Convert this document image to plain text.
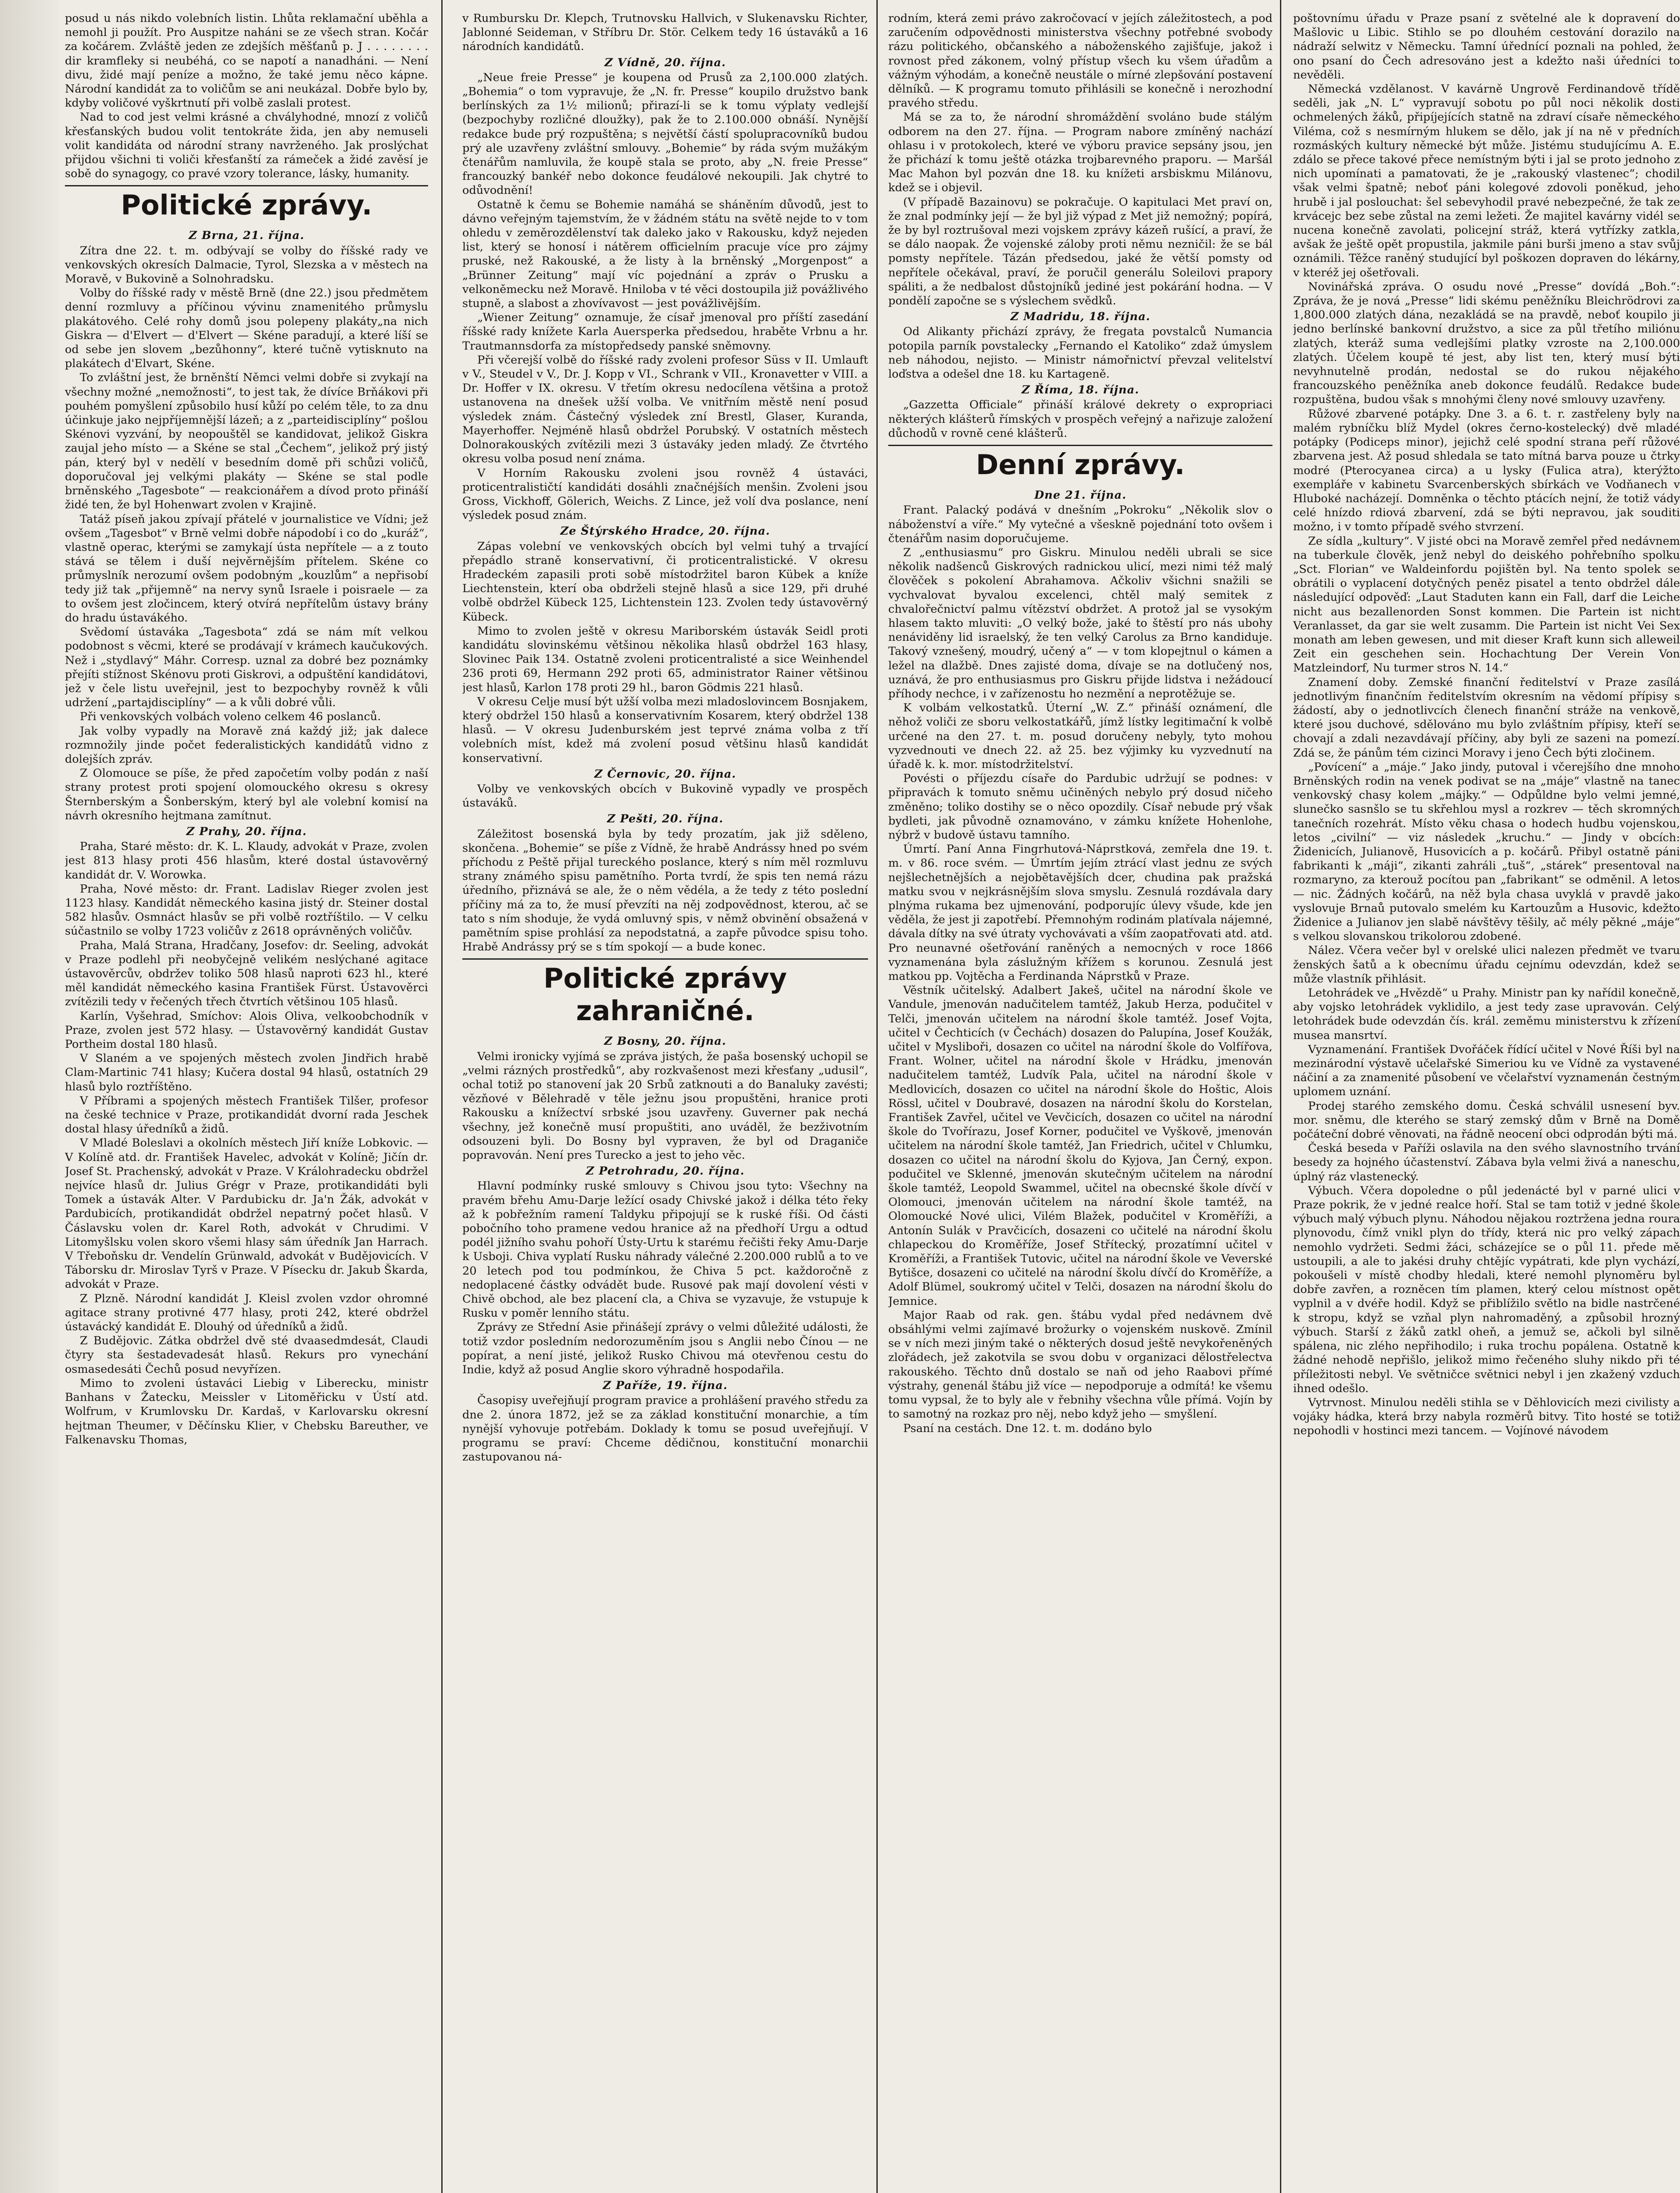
posud u nás nikdo volebních listin. Lhůta reklamační uběhla a nemohl ji použít. Pro Auspitze naháni se ze všech stran. Kočár za kočárem. Zvláště jeden ze zdejších měšťanů p. J . . . . . . . . dir kramfleky si neubéhá, co se napotí a nanadháni. — Není divu, židé mají peníze a možno, že také jemu něco kápne. Národní kandidát za to voličům se ani neukázal. Dobře bylo by, kdyby voličové vyškrtnutí při volbě zaslali protest.

Nad to cod jest velmi krásné a chvályhodné, mnozí z voličů křesťanských budou volit tentokráte žida, jen aby nemuseli volit kandidáta od národní strany navrženého. Jak proslýchat přijdou všichni ti voliči křesťanští za rámeček a židé zavěsí je sobě do synagogy, co pravé vzory tolerance, lásky, humanity.

Politické zprávy.
Z Brna, 21. října.

Zítra dne 22. t. m. odbývají se volby do říšské rady ve venkovských okresích Dalmacie, Tyrol, Slezska a v městech na Moravě, v Bukovině a Solnohradsku.

Volby do říšské rady v městě Brně (dne 22.) jsou předmětem denní rozmluvy a příčinou vývinu znamenitého průmyslu plakátového. Celé rohy domů jsou polepeny plakáty„na nich Giskra — d'Elvert — d'Elvert — Skéne paradují, a které líší se od sebe jen slovem „bezůhonny“, které tučně vytisknuto na plakátech d'Elvart, Skéne.

To zvláštní jest, že brněnští Němci velmi dobře si zvykají na všechny možné „nemožnosti“, to jest tak, že dívíce Brňákovi při pouhém pomyšlení způsobilo husí kůží po celém těle, to za dnu účinkuje jako nejpříjemnější lázeň; a z „parteidisciplíny“ pošlou Skénovi vyzvání, by neopouštěl se kandidovat, jelikož Giskra zaujal jeho místo — a Skéne se stal „Čechem“, jelikož prý jistý pán, který byl v nedělí v besedním domě při schůzi voličů, doporučoval jej velkými plakáty — Skéne se stal podle brněnského „Tagesbote“ — reakcionářem a dívod proto přináší židé ten, že byl Hohenwart zvolen v Krajině.

Tatáž píseň jakou zpívají přátelé v journalistice ve Vídni; jež ovšem „Tagesbot“ v Brně velmi dobře nápodobí i co do „kuráž“, vlastně operac, kterými se zamykají ústa nepřítele — a z touto stává se tělem i duší nejvěrnějším přítelem. Skéne co průmyslník nerozumí ovšem podobným „kouzlům“ a nepřisobí tedy již tak „přijemně“ na nervy synů Israele i poisraele — za to ovšem jest zločincem, který otvírá nepřítelům ústavy brány do hradu ústavákého.

Svědomí ústaváka „Tagesbota“ zdá se nám mít velkou podobnost s věcmi, které se prodávají v krámech kaučukových. Než i „stydlavý“ Máhr. Corresp. uznal za dobré bez poznámky přejíti stížnost Skénovu proti Giskrovi, a odpuštění kandidátovi, jež v čele listu uveřejnil, jest to bezpochyby rovněž k vůli udržení „partajdisciplíny“ — a k vůli dobré vůli.

Při venkovských volbách voleno celkem 46 poslanců.

Jak volby vypadly na Moravě zná každý již; jak dalece rozmnožily jinde počet federalistických kandidátů vidno z dolejších zpráv.

Z Olomouce se píše, že před započetím volby podán z naší strany protest proti spojení olomouckého okresu s okresy Šternberským a Šonberským, který byl ale volební komisí na návrh okresního hejtmana zamítnut.

Z Prahy, 20. října.

Praha, Staré město: dr. K. L. Klaudy, advokát v Praze, zvolen jest 813 hlasy proti 456 hlasům, které dostal ústavověrný kandidát dr. V. Worowka.

Praha, Nové město: dr. Frant. Ladislav Rieger zvolen jest 1123 hlasy. Kandidát německého kasina jistý dr. Steiner dostal 582 hlasův. Osmnáct hlasův se při volbě roztříštilo. — V celku súčastnilo se volby 1723 voličův z 2618 oprávněných voličův.

Praha, Malá Strana, Hradčany, Josefov: dr. Seeling, advokát v Praze podlehl při neobyčejně velikém neslýchané agitace ústavověrcův, obdržev toliko 508 hlasů naproti 623 hl., které měl kandidát německého kasina František Fürst. Ústavověrci zvítězili tedy v řečených třech čtvrtích většinou 105 hlasů.

Karlín, Vyšehrad, Smíchov: Alois Oliva, velkoobchodník v Praze, zvolen jest 572 hlasy. — Ústavověrný kandidát Gustav Portheim dostal 180 hlasů.

V Slaném a ve spojených městech zvolen Jindřich hrabě Clam-Martinic 741 hlasy; Kučera dostal 94 hlasů, ostatních 29 hlasů bylo roztříštěno.

V Příbrami a spojených městech František Tilšer, profesor na české technice v Praze, protikandidát dvorní rada Jeschek dostal hlasy úředníků a židů.

V Mladé Boleslavi a okolních městech Jiří kníže Lobkovic. — V Kolíně atd. dr. František Havelec, advokát v Kolíně; Jičín dr. Josef St. Prachenský, advokát v Praze. V Králohradecku obdržel nejvíce hlasů dr. Julius Grégr v Praze, protikandidáti byli Tomek a ústavák Alter. V Pardubicku dr. Ja'n Žák, advokát v Pardubicích, protikandidát obdržel nepatrný počet hlasů. V Čáslavsku volen dr. Karel Roth, advokát v Chrudimi. V Litomyšlsku volen skoro všemi hlasy sám úředník Jan Harrach. V Třeboňsku dr. Vendelín Grünwald, advokát v Budějovicích. V Táborsku dr. Miroslav Tyrš v Praze. V Písecku dr. Jakub Škarda, advokát v Praze.

Z Plzně. Národní kandidát J. Kleisl zvolen vzdor ohromné agitace strany protivné 477 hlasy, proti 242, které obdržel ústavácký kandidát E. Dlouhý od úředníků a židů.

Z Budějovic. Zátka obdržel dvě sté dvaasedmdesát, Claudi čtyry sta šestadevadesát hlasů. Rekurs pro vynechání osmasedesáti Čechů posud nevyřízen.

Mimo to zvoleni ústaváci Liebig v Liberecku, ministr Banhans v Žatecku, Meissler v Litoměřicku v Ústí atd. Wolfrum, v Krumlovsku Dr. Kardaš, v Karlovarsku okresní hejtman Theumer, v Děčínsku Klier, v Chebsku Bareuther, ve Falkenavsku Thomas,

v Rumbursku Dr. Klepch, Trutnovsku Hallvich, v Slukenavsku Richter, Jablonné Seideman, v Stříbru Dr. Stör. Celkem tedy 16 ústaváků a 16 národních kandidátů.

Z Vídně, 20. října.

„Neue freie Presse“ je koupena od Prusů za 2,100.000 zlatých. „Bohemia“ o tom vypravuje, že „N. fr. Presse“ koupilo družstvo bank berlínských za 1½ milionů; přirazí-li se k tomu výplaty vedlejší (bezpochyby rozličné dloužky), pak že to 2.100.000 obnáší. Nynější redakce bude prý rozpuštěna; s největší částí spolupracovníků budou prý ale uzavřeny zvláštní smlouvy. „Bohemie“ by ráda svým mužákým čtenářům namluvila, že koupě stala se proto, aby „N. freie Presse“ francouzký bankéř nebo dokonce feudálové nekoupili. Jak chytré to odůvodnění!

Ostatně k čemu se Bohemie namáhá se sháněním důvodů, jest to dávno veřejným tajemstvím, že v žádném státu na světě nejde to v tom ohledu v zeměrozdělenství tak daleko jako v Rakousku, když nejeden list, který se honosí i nátěrem officielním pracuje více pro zájmy pruské, než Rakouské, a že listy à la brněnský „Morgenpost“ a „Brünner Zeitung“ mají víc pojednání a zpráv o Prusku a velkoněmecku než Moravě. Hniloba v té věci dostoupila již povážlivého stupně, a slabost a zhovívavost — jest povážlivějším.

„Wiener Zeitung“ oznamuje, že císař jmenoval pro příští zasedání říšské rady knížete Karla Auersperka předsedou, hraběte Vrbnu a hr. Trautmannsdorfa za místopředsedy panské sněmovny.

Při včerejší volbě do říšské rady zvoleni profesor Süss v II. Umlauft v V., Steudel v V., Dr. J. Kopp v VI., Schrank v VII., Kronavetter v VIII. a Dr. Hoffer v IX. okresu. V třetím okresu nedocílena většina a protož ustanovena na dnešek užší volba. Ve vnitřním městě není posud výsledek znám. Částečný výsledek zní Brestl, Glaser, Kuranda, Mayerhoffer. Nejméně hlasů obdržel Porubský. V ostatních městech Dolnorakouských zvítězili mezi 3 ústaváky jeden mladý. Ze čtvrtého okresu volba posud není známa.

V Horním Rakousku zvoleni jsou rovněž 4 ústaváci, proticentralističtí kandidáti dosáhli značnéjších menšin. Zvoleni jsou Gross, Vickhoff, Gölerich, Weichs. Z Lince, jež volí dva poslance, není výsledek posud znám.

Ze Štýrského Hradce, 20. října.

Zápas volební ve venkovských obcích byl velmi tuhý a trvající přepádlo straně konservativní, či proticentralistické. V okresu Hradeckém zapasili proti sobě místodržitel baron Kübek a kníže Liechtenstein, kterí oba obdrželi stejně hlasů a sice 129, při druhé volbě obdržel Kübeck 125, Lichtenstein 123. Zvolen tedy ústavověrný Kübeck.

Mimo to zvolen ještě v okresu Mariborském ústavák Seidl proti kandidátu slovinskému většinou několika hlasů obdržel 163 hlasy, Slovinec Paik 134. Ostatně zvoleni proticentralisté a sice Weinhendel 236 proti 69, Hermann 292 proti 65, administrator Rainer většinou jest hlasů, Karlon 178 proti 29 hl., baron Gödmis 221 hlasů.

V okresu Celje musí být užší volba mezi mladoslovincem Bosnjakem, který obdržel 150 hlasů a konservativním Kosarem, který obdržel 138 hlasů. — V okresu Judenburském jest teprvé známa volba z tří volebních míst, kdež má zvolení posud většinu hlasů kandidát konservativní.

Z Černovic, 20. října.

Volby ve venkovských obcích v Bukovině vypadly ve prospěch ústaváků.

Z Pešti, 20. října.

Záležitost bosenská byla by tedy prozatím, jak již sděleno, skončena. „Bohemie“ se píše z Vídně, že hrabě Andrássy hned po svém příchodu z Peště přijal tureckého poslance, který s ním měl rozmluvu strany známého spisu pamětního. Porta tvrdí, že spis ten nemá rázu úředního, přiznává se ale, že o něm vědéla, a že tedy z této poslední příčiny má za to, že musí převzíti na něj zodpovědnost, kterou, ač se tato s ním shoduje, že vydá omluvný spis, v němž obvinění obsažená v pamětním spise prohlásí za nepodstatná, a zapře původce spisu toho. Hrabě Andrássy prý se s tím spokojí — a bude konec.

Politické zprávy zahraničné.
Z Bosny, 20. října.

Velmi ironicky vyjímá se zpráva jistých, že paša bosenský uchopil se „velmi rázných prostředků“, aby rozkvašenost mezi křesťany „udusil“, ochal totiž po stanovení jak 20 Srbů zatknouti a do Banaluky zavésti; vězňové v Bělehradě v těle ježnu jsou propuštěni, hranice proti Rakousku a knížectví srbské jsou uzavřeny. Guverner pak nechá všechny, jež konečně musí propuštiti, ano uváděl, že bezživotním odsouzeni byli. Do Bosny byl vypraven, že byl od Draganiče popravován. Není pres Turecko a jest to jeho věc.

Z Petrohradu, 20. října.

Hlavní podmínky ruské smlouvy s Chivou jsou tyto: Všechny na pravém břehu Amu-Darje ležící osady Chivské jakož i délka této řeky až k pobřežním ramení Taldyku připojují se k ruské říši. Od části pobočního toho pramene vedou hranice až na předhoří Urgu a odtud podél jižního svahu pohoří Ústy-Urtu k starému řečišti řeky Amu-Darje k Usboji. Chiva vyplatí Rusku náhrady válečné 2.200.000 rublů a to ve 20 letech pod tou podmínkou, že Chiva 5 pct. každoročně z nedoplacené částky odvádět bude. Rusové pak mají dovolení vésti v Chivě obchod, ale bez placení cla, a Chiva se vyzavuje, že vstupuje k Rusku v poměr lenního státu.

Zprávy ze Střední Asie přinášejí zprávy o velmi důležité události, že totiž vzdor posledním nedorozuměním jsou s Anglii nebo Čínou — ne popírat, a není jisté, jelikož Rusko Chivou má otevřenou cestu do Indie, když až posud Anglie skoro výhradně hospodařila.

Z Paříže, 19. října.

Časopisy uveřejňují program pravice a prohlášení pravého středu za dne 2. února 1872, jež se za základ konstituční monarchie, a tím nynější vyhovuje potřebám. Doklady k tomu se posud uveřejňují. V programu se praví: Chceme dědičnou, konstituční monarchii zastupovanou ná-

rodním, která zemi právo zakročovací v jejích záležitostech, a pod zaručením odpovědnosti ministerstva všechny potřebné svobody rázu politického, občanského a náboženského zajišťuje, jakož i rovnost před zákonem, volný přístup všech ku všem úřadům a vážným výhodám, a konečně neustále o mírné zlepšování postavení dělníků. — K programu tomuto přihlásili se konečně i nerozhodní pravého středu.

Má se za to, že národní shromáždění svoláno bude stálým odborem na den 27. října. — Program nabore zmíněný nachází ohlasu i v protokolech, které ve výboru pravice sepsány jsou, jen že přichází k tomu ještě otázka trojbarevného praporu. — Maršál Mac Mahon byl pozván dne 18. ku knížeti arsbiskmu Milánovu, kdež se i objevil.

(V případě Bazainovu) se pokračuje. O kapitulaci Met praví on, že znal podmínky její — že byl již výpad z Met již nemožný; popírá, že by byl roztrušoval mezi vojskem zprávy kázeň rušící, a praví, že se dálo naopak. Že vojenské záloby proti němu nezničil: že se bál pomsty nepřítele. Tázán předsedou, jaké že větší pomsty od nepřítele očekával, praví, že poručil generálu Soleilovi prapory spáliti, a že nedbalost důstojníků jediné jest pokárání hodna. — V pondělí započne se s výslechem svědků.

Z Madridu, 18. října.

Od Alikanty přichází zprávy, že fregata povstalců Numancia potopila parník povstalecky „Fernando el Katoliko“ zdaž úmyslem neb náhodou, nejisto. — Ministr námořnictví převzal velitelství loďstva a odešel dne 18. ku Kartageně.

Z Říma, 18. října.

„Gazzetta Officiale“ přináší králové dekrety o expropriaci některých klášterů římských v prospěch veřejný a nařizuje založení důchodů v rovně cené klášterů.

Denní zprávy.
Dne 21. října.

Frant. Palacký podává v dnešním „Pokroku“ „Několik slov o náboženství a víře.“ My vytečné a všeskně pojednání toto ovšem i čtenářům nasim doporučujeme.

Z „enthusiasmu“ pro Giskru. Minulou neděli ubrali se sice několik nadšenců Giskrových radnickou ulicí, mezi nimi též malý člověček s pokolení Abrahamova. Ačkoliv všichni snažili se vychvalovat byvalou excelenci, chtěl malý semitek z chvalořečnictví palmu vítězství obdržet. A protož jal se vysokým hlasem takto mluviti: „O velký bože, jaké to štěstí pro nás ubohy nenáviděny lid israelský, že ten velký Carolus za Brno kandiduje. Takový vznešený, moudrý, učený a“ — v tom klopejtnul o kámen a ležel na dlažbě. Dnes zajisté doma, dívaje se na dotlučený nos, uznává, že pro enthusiasmus pro Giskru přijde lidstva i nežádoucí příhody nechce, i v zařízenostu ho nezmění a neprotěžuje se.

K volbám velkostatků. Úterní „W. Z.“ přináší oznámení, dle něhož voliči ze sboru velkostatkářů, jímž lístky legitimační k volbě určené na den 27. t. m. posud doručeny nebyly, tyto mohou vyzvednouti ve dnech 22. až 25. bez výjimky ku vyzvednutí na úřadě k. k. mor. místodržitelství.

Povésti o příjezdu císaře do Pardubic udržují se podnes: v připravách k tomuto sněmu učiněných nebylo prý dosud ničeho změněno; toliko dostihy se o něco opozdily. Císař nebude prý však bydleti, jak původně oznamováno, v zámku knížete Hohenlohe, nýbrž v budově ústavu tamního.

Úmrtí. Paní Anna Fingrhutová-Náprstková, zemřela dne 19. t. m. v 86. roce svém. — Úmrtím jejím ztrácí vlast jednu ze svých nejšlechetnějších a nejobětavějších dcer, chudina pak pražská matku svou v nejkrásnějším slova smyslu. Zesnulá rozdávala dary plnýma rukama bez ujmenování, podporujíc úlevy všude, kde jen věděla, že jest ji zapotřebí. Přemnohým rodinám platívala nájemné, dávala dítky na své útraty vychovávati a vším zaopatřovati atd. atd. Pro neunavné ošetřování raněných a nemocných v roce 1866 vyznamenána byla záslužným křížem s korunou. Zesnulá jest matkou pp. Vojtěcha a Ferdinanda Náprstků v Praze.

Věstník učitelský. Adalbert Jakeš, učitel na národní škole ve Vandule, jmenován nadučitelem tamtéž, Jakub Herza, podučitel v Telči, jmenován učitelem na národní škole tamtéž. Josef Vojta, učitel v Čechticích (v Čechách) dosazen do Palupína, Josef Koužák, učitel v Mysliboři, dosazen co učitel na národní škole do Volfířova, Frant. Wolner, učitel na národní škole v Hrádku, jmenován nadučitelem tamtéž, Ludvík Pala, učitel na národní škole v Medlovicích, dosazen co učitel na národní škole do Hoštic, Alois Rössl, učitel v Doubravé, dosazen na národní školu do Korstelan, František Zavřel, učitel ve Vevčicích, dosazen co učitel na národní škole do Tvořírazu, Josef Korner, podučitel ve Vyškově, jmenován učitelem na národní škole tamtéž, Jan Friedrich, učitel v Chlumku, dosazen co učitel na národní školu do Kyjova, Jan Černý, expon. podučitel ve Sklenné, jmenován skutečným učitelem na národní škole tamtéž, Leopold Swammel, učitel na obecnské škole dívčí v Olomouci, jmenován učitelem na národní škole tamtéž, na Olomoucké Nové ulici, Vilém Blažek, podučitel v Kroměříži, a Antonín Sulák v Pravčicích, dosazeni co učitelé na národní školu chlapeckou do Kroměříže, Josef Střítecký, prozatímní učitel v Kroměříži, a František Tutovic, učitel na národní škole ve Veverské Bytišce, dosazeni co učitelé na národní školu dívčí do Kroměříže, a Adolf Blümel, soukromý učitel v Telči, dosazen na národní školu do Jemnice.

Major Raab od rak. gen. štábu vydal před nedávnem dvě obsáhlými velmi zajímavé brožurky o vojenském nuskově. Zmínil se v ních mezi jiným také o některých dosud ještě nevykořeněných zlořádech, jež zakotvila se svou dobu v organizaci dělostřelectva rakouského. Těchto dnů dostalo se naň od jeho Raabovi přímé výstrahy, genenál štábu již více — nepodporuje a odmítá! ke všemu tomu vypsal, že to byly ale v řebnihy všechna vůle přímá. Vojín by to samotný na rozkaz pro něj, nebo když jeho — smyšlení.

Psaní na cestách. Dne 12. t. m. dodáno bylo

poštovnímu úřadu v Praze psaní z světelné ale k dopravení do Mašlovic u Libic. Stihlo se po dlouhém cestování dorazilo na nádraží selwitz v Německu. Tamní úřednící poznali na pohled, že ono psaní do Čech adresováno jest a kdežto naši úředníci to nevěděli.

Německá vzdělanost. V kavárně Ungrově Ferdinandově třídě seděli, jak „N. L“ vypravují sobotu po půl noci několik dosti ochmelených žáků, připíjejících statně na zdraví císaře německého Viléma, což s nesmírným hlukem se dělo, jak jí na ně v předních rozmáských kultury německé být může. Jistému studujícímu A. E. zdálo se přece takové přece nemístným býti i jal se proto jednoho z nich upomínati a pamatovati, že je „rakouský vlastenec“; chodil však velmi špatně; neboť páni kolegové zdovoli poněkud, jeho hrubě i jal poslouchat: šel sebevyhodil pravé nebezpečné, že tak ze krvácejc bez sebe zůstal na zemi ležeti. Že majitel kavárny vidél se nucena konečně zavolati, policejní stráž, která vytřízky zatkla, avšak že ještě opět propustila, jakmile páni burši jmeno a stav svůj oznámili. Těžce raněný studující byl poškozen dopraven do lékárny, v kteréž jej ošetřovali.

Novinářská zpráva. O osudu nové „Presse“ dovídá „Boh.“: Zpráva, že je nová „Presse“ lidi skému peněžníku Bleichrödrovi za 1,800.000 zlatých dána, nezakládá se na pravdě, neboť koupilo ji jedno berlínské bankovní družstvo, a sice za půl třetího miliónu zlatých, kteráž suma vedlejšími platky vzroste na 2,100.000 zlatých. Účelem koupě té jest, aby list ten, který musí býti nevyhnutelně prodán, nedostal se do rukou nějakého francouzského peněžníka aneb dokonce feudálů. Redakce bude rozpuštěna, budou však s mnohými členy nové smlouvy uzavřeny.

Růžové zbarvené potápky. Dne 3. a 6. t. r. zastřeleny byly na malém rybníčku blíž Mydel (okres černo-kostelecký) dvě mladé potápky (Podiceps minor), jejichž celé spodní strana peří růžové zbarvena jest. Až posud shledala se tato mítná barva pouze u čtrky modré (Pterocyanea circa) a u lysky (Fulica atra), kterýžto exempláře v kabinetu Svarcenberských sbírkách ve Vodňanech v Hluboké nacházejí. Domněnka o těchto ptácích nejní, že totiž vády celé hnízdo rdiová zbarvení, zdá se býti nepravou, jak souditi možno, i v tomto případě svého stvrzení.

Ze sídla „kultury“. V jisté obci na Moravě zemřel před nedávnem na tuberkule člověk, jenž nebyl do deiského pohřebního spolku „Sct. Florian“ ve Waldeinfordu pojištěn byl. Na tento spolek se obrátili o vyplacení dotyčných peněz pisatel a tento obdržel dále následující odpověď: „Laut Staduten kann ein Fall, darf die Leiche nicht aus bezallenorden Sonst kommen. Die Partein ist nicht Veranlasset, da gar sie welt zusamm. Die Partein ist nicht Vei Sex monath am leben gewesen, und mit dieser Kraft kunn sich alleweil Zeit ein geschehen sein. Hochachtung Der Verein Von Matzleindorf, Nu turmer stros N. 14.“

Znamení doby. Zemské finanční ředitelství v Praze zasílá jednotlivým finančním ředitelstvím okresním na vědomí přípisy s žádostí, aby o jednotlivcích členech finanční stráže na venkově, které jsou duchové, sdělováno mu bylo zvláštním přípisy, kteří se chovají a zdali nezavdávají příčiny, aby byli ze sazeni na pomezí. Zdá se, že pánům tém cizinci Moravy i jeno Čech býti zločinem.

„Povícení“ a „máje.“ Jako jindy, putoval i včerejšího dne mnoho Brněnských rodin na venek podivat se na „máje“ vlastně na tanec venkovský chasy kolem „májky.“ — Odpůldne bylo velmi jemné, slunečko sasnšlo se tu skřehlou mysl a rozkrev — těch skromných tanečních rozehrát. Místo věku chasa o hodech hudbu vojenskou, letos „civilní“ — viz následek „kruchu.“ — Jindy v obcích: Židenicích, Julianově, Husovicích a p. kočárů. Přibyl ostatně páni fabrikanti k „máji“, zikanti zahráli „tuš“, „stárek“ presentoval na rozmaryno, za kterouž pocítou pan „fabrikant“ se odměnil. A letos — nic. Žádných kočárů, na něž byla chasa uvyklá v pravdě jako vyslovuje Brnaů putovalo smelém ku Kartouzům a Husovic, kdežto Židenice a Julianov jen slabě návštěvy tĕšily, ač mély pěkné „máje“ s velkou slovanskou trikolorou zdobené.

Nález. Včera večer byl v orelské ulici nalezen předmět ve tvaru ženských šatů a k obecnímu úřadu cejnímu odevzdán, kdež se může vlastník přihlásit.

Letohrádek ve „Hvězdě“ u Prahy. Ministr pan ky nařídil konečně, aby vojsko letohrádek vyklidilo, a jest tedy zase upravován. Celý letohrádek bude odevzdán čís. král. zeměmu ministerstvu k zřízení musea mansrtví.

Vyznamenání. František Dvořáček řídící učitel v Nové Říši byl na mezinárodní výstavě učelařské Simeriou ku ve Vídně za vystavené náčiní a za znamenité působení ve včelařství vyznamenán čestným uplomem uznání.

Prodej starého zemského domu. Česká schválil usnesení byv. mor. sněmu, dle kterého se starý zemský dům v Brně na Domě počáteční dobré věnovati, na řádně neocení obci odprodán býti má.

Česká beseda v Paříži oslavila na den svého slavnostního trvání besedy za hojného účastenství. Zábava byla velmi živá a naneschu, úplný ráz vlastenecký.

Výbuch. Včera dopoledne o půl jedenácté byl v parné ulici v Praze pokrik, že v jedné realce hoří. Stal se tam totiž v jedné škole výbuch malý výbuch plynu. Náhodou nějakou roztržena jedna roura plynovodu, čímž vnikl plyn do třídy, která nic pro velký zápach nemohlo vydržeti. Sedmi žáci, scházejíce se o půl 11. přede mě ustoupili, a ale to jakési druhy chtějíc vypátrati, kde plyn vychází, pokoušeli v místě chodby hledali, které nemohl plynoměru byl dobře zavřen, a rozněcen tím plamen, který celou místnost opět vyplnil a v dvéře hodil. Když se přiblížilo světlo na bidle nastrčené k stropu, když se vzňal plyn nahromaděný, a způsobil hrozný výbuch. Starší z žáků zatkl oheň, a jemuž se, ačkoli byl silně spálena, nic zlého nepřihodilo; i ruka trochu popálena. Ostatně k žádné nehodě nepřišlo, jelikož mimo řečeného sluhy nikdo při té příležitosti nebyl. Ve světničce světnici nebyl i jen zkažený vzduch ihned odešlo.

Vytrvnost. Minulou neděli stihla se v Děhlovicích mezi civilisty a vojáky hádka, která brzy nabyla rozměrů bitvy. Tito hosté se totiž nepohodli v hostinci mezi tancem. — Vojínové návodem
